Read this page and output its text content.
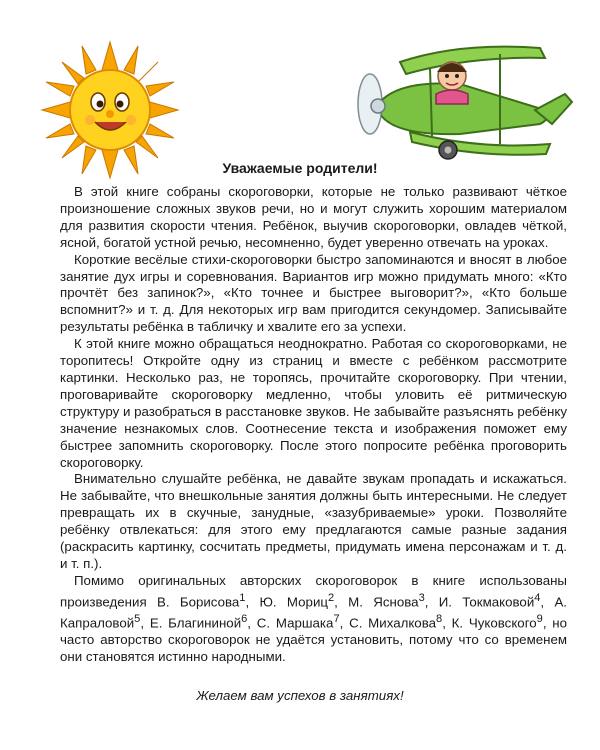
Уважаемые родители!

В этой книге собраны скороговорки, которые не только развивают чёткое произношение сложных звуков речи, но и могут служить хорошим материалом для развития скорости чтения. Ребёнок, выучив скороговорки, овладев чёткой, ясной, богатой устной речью, несомненно, будет уверенно отвечать на уроках.

Короткие весёлые стихи-скороговорки быстро запоминаются и вносят в любое занятие дух игры и соревнования. Вариантов игр можно придумать много: «Кто прочтёт без запинок?», «Кто точнее и быстрее выговорит?», «Кто больше вспомнит?» и т. д. Для некоторых игр вам пригодится секундомер. Записывайте результаты ребёнка в табличку и хвалите его за успехи.

К этой книге можно обращаться неоднократно. Работая со скороговорками, не торопитесь! Откройте одну из страниц и вместе с ребёнком рассмотрите картинки. Несколько раз, не торопясь, прочитайте скороговорку. При чтении, проговаривайте скороговорку медленно, чтобы уловить её ритмическую структуру и разобраться в расстановке звуков. Не забывайте разъяснять ребёнку значение незнакомых слов. Соотнесение текста и изображения поможет ему быстрее запомнить скороговорку. После этого попросите ребёнка проговорить скороговорку.

Внимательно слушайте ребёнка, не давайте звукам пропадать и искажаться. Не забывайте, что внешкольные занятия должны быть интересными. Не следует превращать их в скучные, занудные, «зазубриваемые» уроки. Позволяйте ребёнку отвлекаться: для этого ему предлагаются самые разные задания (раскрасить картинку, сосчитать предметы, придумать имена персонажам и т. д. и т. п.).

Помимо оригинальных авторских скороговорок в книге использованы произведения В. Борисова$^1$, Ю. Мориц$^2$, М. Яснова$^3$, И. Токмаковой$^4$, А. Капраловой$^5$, Е. Благининой$^6$, С. Маршака$^7$, С. Михалкова$^8$, К. Чуковского$^9$, но часто авторство скороговорок не удаётся установить, потому что со временем они становятся истинно народными.

Желаем вам успехов в занятиях!
